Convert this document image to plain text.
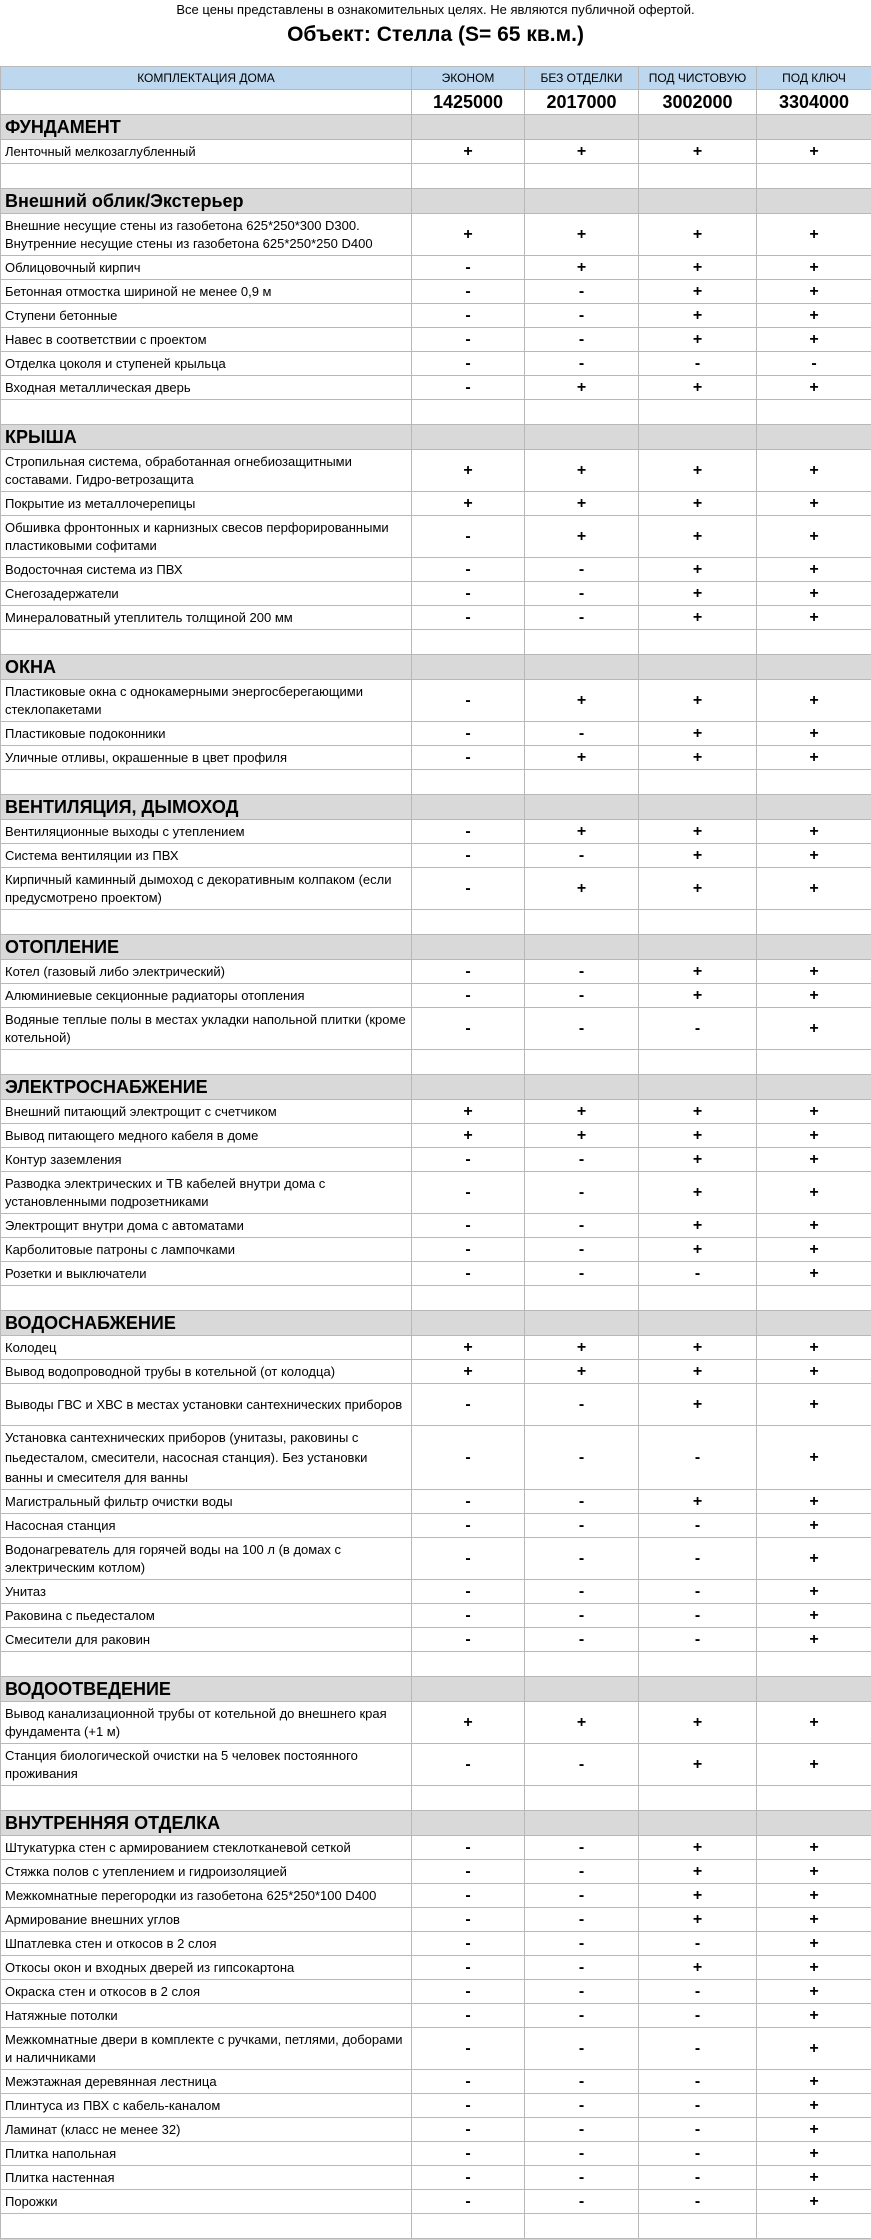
Все цены представлены в ознакомительных целях. Не являются публичной офертой.
Объект: Стелла (S= 65 кв.м.)
КОМПЛЕКТАЦИЯ ДОМА	ЭКОНОМ	БЕЗ ОТДЕЛКИ	ПОД ЧИСТОВУЮ	ПОД КЛЮЧ
	1425000	2017000	3002000	3304000
ФУНДАМЕНТ				
Ленточный мелкозаглубленный	+	+	+	+

Внешний облик/Экстерьер				
Внешние несущие стены из газобетона 625*250*300 D300. Внутренние несущие стены из газобетона 625*250*250 D400	+	+	+	+
Облицовочный кирпич	-	+	+	+
Бетонная отмостка шириной не менее 0,9 м	-	-	+	+
Ступени бетонные	-	-	+	+
Навес в соответствии с проектом	-	-	+	+
Отделка цоколя и ступеней крыльца	-	-	-	-
Входная металлическая дверь	-	+	+	+

КРЫША				
Стропильная система, обработанная огнебиозащитными составами. Гидро-ветрозащита	+	+	+	+
Покрытие из металлочерепицы	+	+	+	+
Обшивка фронтонных и карнизных свесов перфорированными пластиковыми софитами	-	+	+	+
Водосточная система из ПВХ	-	-	+	+
Снегозадержатели	-	-	+	+
Минераловатный утеплитель толщиной 200 мм	-	-	+	+

ОКНА				
Пластиковые окна с однокамерными энергосберегающими стеклопакетами	-	+	+	+
Пластиковые подоконники	-	-	+	+
Уличные отливы, окрашенные в цвет профиля	-	+	+	+

ВЕНТИЛЯЦИЯ, ДЫМОХОД				
Вентиляционные выходы с утеплением	-	+	+	+
Система вентиляции из ПВХ	-	-	+	+
Кирпичный каминный дымоход с декоративным колпаком (если предусмотрено проектом)	-	+	+	+

ОТОПЛЕНИЕ				
Котел (газовый либо электрический)	-	-	+	+
Алюминиевые секционные радиаторы отопления	-	-	+	+
Водяные теплые полы в местах укладки напольной плитки (кроме котельной)	-	-	-	+

ЭЛЕКТРОСНАБЖЕНИЕ				
Внешний питающий электрощит с счетчиком	+	+	+	+
Вывод питающего медного кабеля в доме	+	+	+	+
Контур заземления	-	-	+	+
Разводка электрических и ТВ кабелей внутри дома с установленными подрозетниками	-	-	+	+
Электрощит внутри дома с автоматами	-	-	+	+
Карболитовые патроны с лампочками	-	-	+	+
Розетки и выключатели	-	-	-	+

ВОДОСНАБЖЕНИЕ				
Колодец	+	+	+	+
Вывод водопроводной трубы в котельной (от колодца)	+	+	+	+
Выводы ГВС и ХВС в местах установки сантехнических приборов	-	-	+	+
Установка сантехнических приборов (унитазы, раковины с пьедесталом, смесители, насосная станция). Без установки ванны и смесителя для ванны	-	-	-	+
Магистральный фильтр очистки воды	-	-	+	+
Насосная станция	-	-	-	+
Водонагреватель для горячей воды на 100 л (в домах с электрическим котлом)	-	-	-	+
Унитаз	-	-	-	+
Раковина с пьедесталом	-	-	-	+
Смесители для раковин	-	-	-	+

ВОДООТВЕДЕНИЕ				
Вывод канализационной трубы от котельной до внешнего края фундамента (+1 м)	+	+	+	+
Станция биологической очистки на 5 человек постоянного проживания	-	-	+	+

ВНУТРЕННЯЯ ОТДЕЛКА				
Штукатурка стен с армированием стеклотканевой сеткой	-	-	+	+
Стяжка полов с утеплением и гидроизоляцией	-	-	+	+
Межкомнатные перегородки из газобетона 625*250*100 D400	-	-	+	+
Армирование внешних углов	-	-	+	+
Шпатлевка стен и откосов в 2 слоя	-	-	-	+
Откосы окон и входных дверей из гипсокартона	-	-	+	+
Окраска стен и откосов в 2 слоя	-	-	-	+
Натяжные потолки	-	-	-	+
Межкомнатные двери в комплекте с ручками, петлями, доборами и наличниками	-	-	-	+
Межэтажная деревянная лестница	-	-	-	+
Плинтуса из ПВХ с кабель-каналом	-	-	-	+
Ламинат (класс не менее 32)	-	-	-	+
Плитка напольная	-	-	-	+
Плитка настенная	-	-	-	+
Порожки	-	-	-	+
